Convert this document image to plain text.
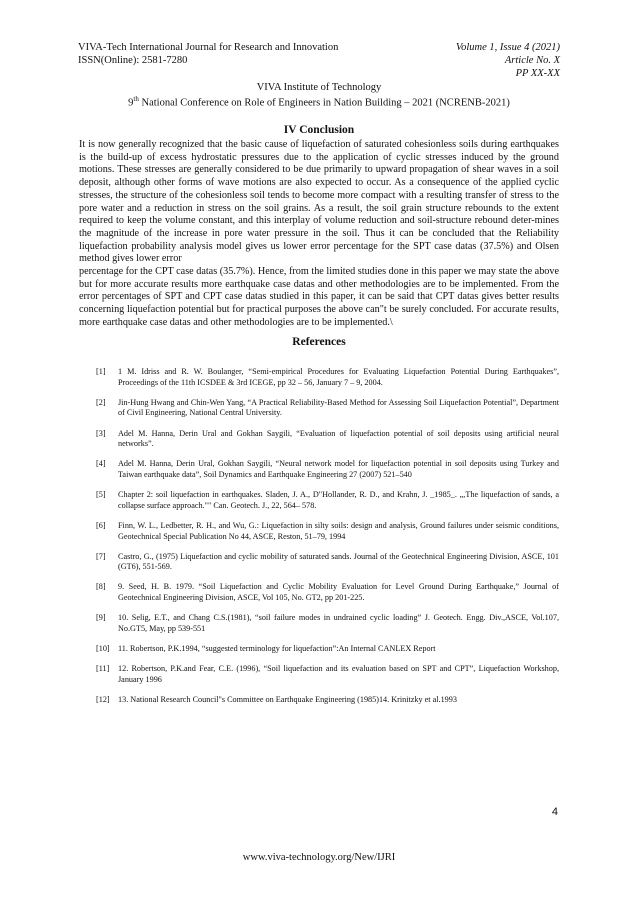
VIVA-Tech International Journal for Research and Innovation
ISSN(Online): 2581-7280
Volume 1, Issue 4 (2021)
Article No. X
PP XX-XX
VIVA Institute of Technology
9th National Conference on Role of Engineers in Nation Building – 2021 (NCRENB-2021)
IV Conclusion

It is now generally recognized that the basic cause of liquefaction of saturated cohesionless soils during earthquakes is the build-up of excess hydrostatic pressures due to the application of cyclic stresses induced by the ground motions. These stresses are generally considered to be due primarily to upward propagation of shear waves in a soil deposit, although other forms of wave motions are also expected to occur. As a consequence of the applied cyclic stresses, the structure of the cohesionless soil tends to become more compact with a resulting transfer of stress to the pore water and a reduction in stress on the soil grains. As a result, the soil grain structure rebounds to the extent required to keep the volume constant, and this interplay of volume reduction and soil-structure rebound deter-mines the magnitude of the increase in pore water pressure in the soil. Thus it can be concluded that the Reliability liquefaction probability analysis model gives us lower error percentage for the SPT case datas (37.5%) and Olsen method gives lower error

percentage for the CPT case datas (35.7%). Hence, from the limited studies done in this paper we may state the above but for more accurate results more earthquake case datas and other methodologies are to be implemented. From the error percentages of SPT and CPT case datas studied in this paper, it can be said that CPT datas gives better results concerning liquefaction potential but for practical purposes the above can"t be surely concluded. For accurate results, more earthquake case datas and other methodologies are to be implemented.\

References
[1]	1 M. Idriss and R. W. Boulanger, “Semi-empirical Procedures for Evaluating Liquefaction Potential During Earthquakes”, Proceedings of the 11th ICSDEE & 3rd ICEGE, pp 32 – 56, January 7 – 9, 2004.
[2]	Jin-Hung Hwang and Chin-Wen Yang, “A Practical Reliability-Based Method for Assessing Soil Liquefaction Potential”, Department of Civil Engineering, National Central University.
[3]	Adel M. Hanna, Derin Ural and Gokhan Saygili, “Evaluation of liquefaction potential of soil deposits using artificial neural networks”.
[4]	Adel M. Hanna, Derin Ural, Gokhan Saygili, “Neural network model for liquefaction potential in soil deposits using Turkey and Taiwan earthquake data”, Soil Dynamics and Earthquake Engineering 27 (2007) 521–540
[5]	Chapter 2: soil liquefaction in earthquakes. Sladen, J. A., D"Hollander, R. D., and Krahn, J. _1985_. „,The liquefaction of sands, a collapse surface approach."" Can. Geotech. J., 22, 564– 578.
[6]	Finn, W. L., Ledbetter, R. H., and Wu, G.: Liquefaction in silty soils: design and analysis, Ground failures under seismic conditions, Geotechnical Special Publication No 44, ASCE, Reston, 51–79, 1994
[7]	Castro, G., (1975) Liquefaction and cyclic mobility of saturated sands. Journal of the Geotechnical Engineering Division, ASCE, 101 (GT6), 551-569.
[8]	9. Seed, H. B. 1979. “Soil Liquefaction and Cyclic Mobility Evaluation for Level Ground During Earthquake,” Journal of Geotechnical Engineering Division, ASCE, Vol 105, No. GT2, pp 201-225.
[9]	10. Selig, E.T., and Chang C.S.(1981), “soil failure modes in undrained cyclic loading” J. Geotech. Engg. Div.,ASCE, Vol.107, No.GT5, May, pp 539-551
[10]	11. Robertson, P.K.1994, “suggested terminology for liquefaction”:An Internal CANLEX Report
[11]	12. Robertson, P.K.and Fear, C.E. (1996), “Soil liquefaction and its evaluation based on SPT and CPT”, Liquefaction Workshop, January 1996
[12]	13. National Research Council"s Committee on Earthquake Engineering (1985)14. Krinitzky et al.1993
4
www.viva-technology.org/New/IJRI
